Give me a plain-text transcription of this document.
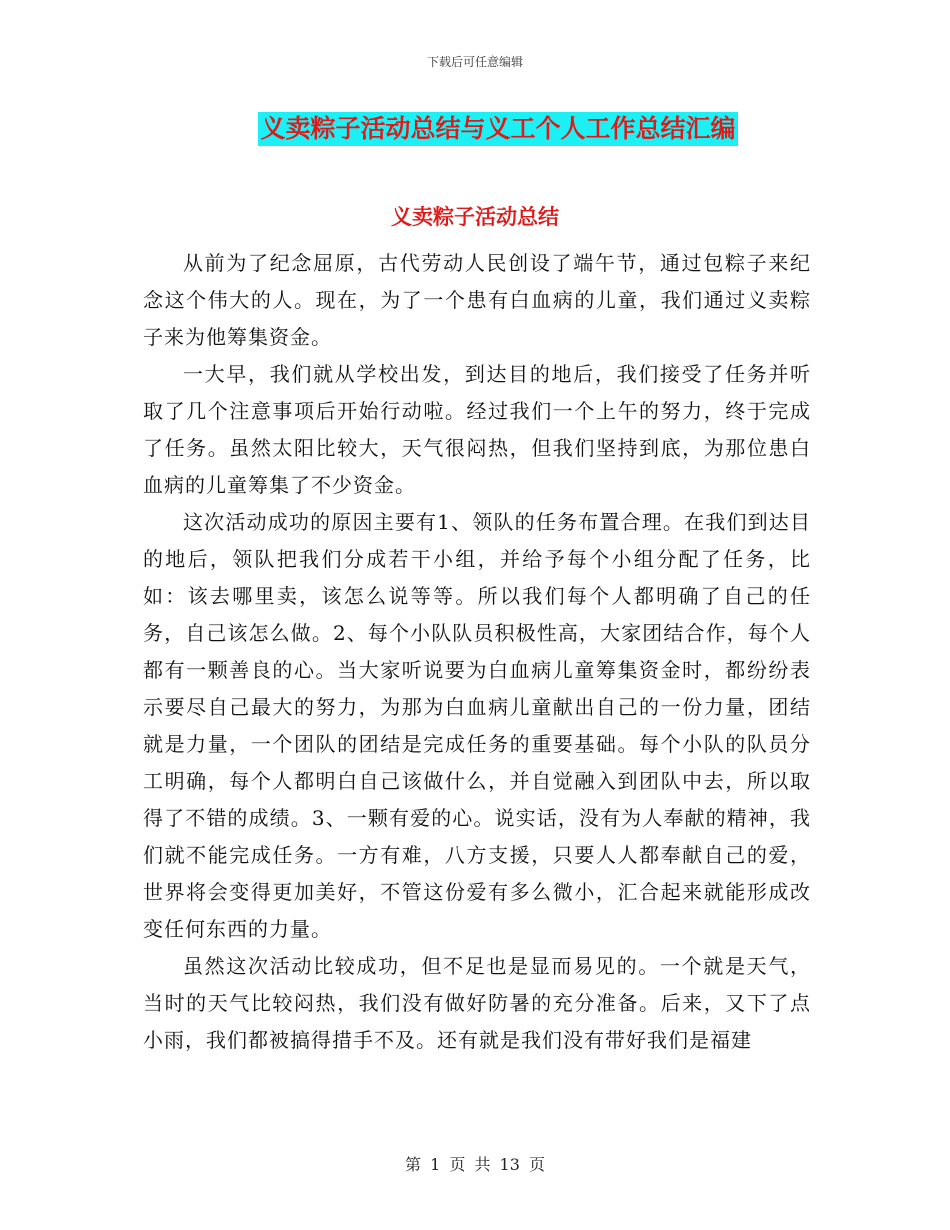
下载后可任意编辑
义卖粽子活动总结与义工个人工作总结汇编
义卖粽子活动总结

从前为了纪念屈原，古代劳动人民创设了端午节，通过包粽子来纪念这个伟大的人。现在，为了一个患有白血病的儿童，我们通过义卖粽子来为他筹集资金。

一大早，我们就从学校出发，到达目的地后，我们接受了任务并听取了几个注意事项后开始行动啦。经过我们一个上午的努力，终于完成了任务。虽然太阳比较大，天气很闷热，但我们坚持到底，为那位患白血病的儿童筹集了不少资金。

这次活动成功的原因主要有1、领队的任务布置合理。在我们到达目的地后，领队把我们分成若干小组，并给予每个小组分配了任务，比如：该去哪里卖，该怎么说等等。所以我们每个人都明确了自己的任务，自己该怎么做。2、每个小队队员积极性高，大家团结合作，每个人都有一颗善良的心。当大家听说要为白血病儿童筹集资金时，都纷纷表示要尽自己最大的努力，为那为白血病儿童献出自己的一份力量，团结就是力量，一个团队的团结是完成任务的重要基础。每个小队的队员分工明确，每个人都明白自己该做什么，并自觉融入到团队中去，所以取得了不错的成绩。3、一颗有爱的心。说实话，没有为人奉献的精神，我们就不能完成任务。一方有难，八方支援，只要人人都奉献自己的爱，世界将会变得更加美好，不管这份爱有多么微小，汇合起来就能形成改变任何东西的力量。

虽然这次活动比较成功，但不足也是显而易见的。一个就是天气，当时的天气比较闷热，我们没有做好防暑的充分准备。后来，又下了点小雨，我们都被搞得措手不及。还有就是我们没有带好我们是福建

第 1 页 共 13 页
